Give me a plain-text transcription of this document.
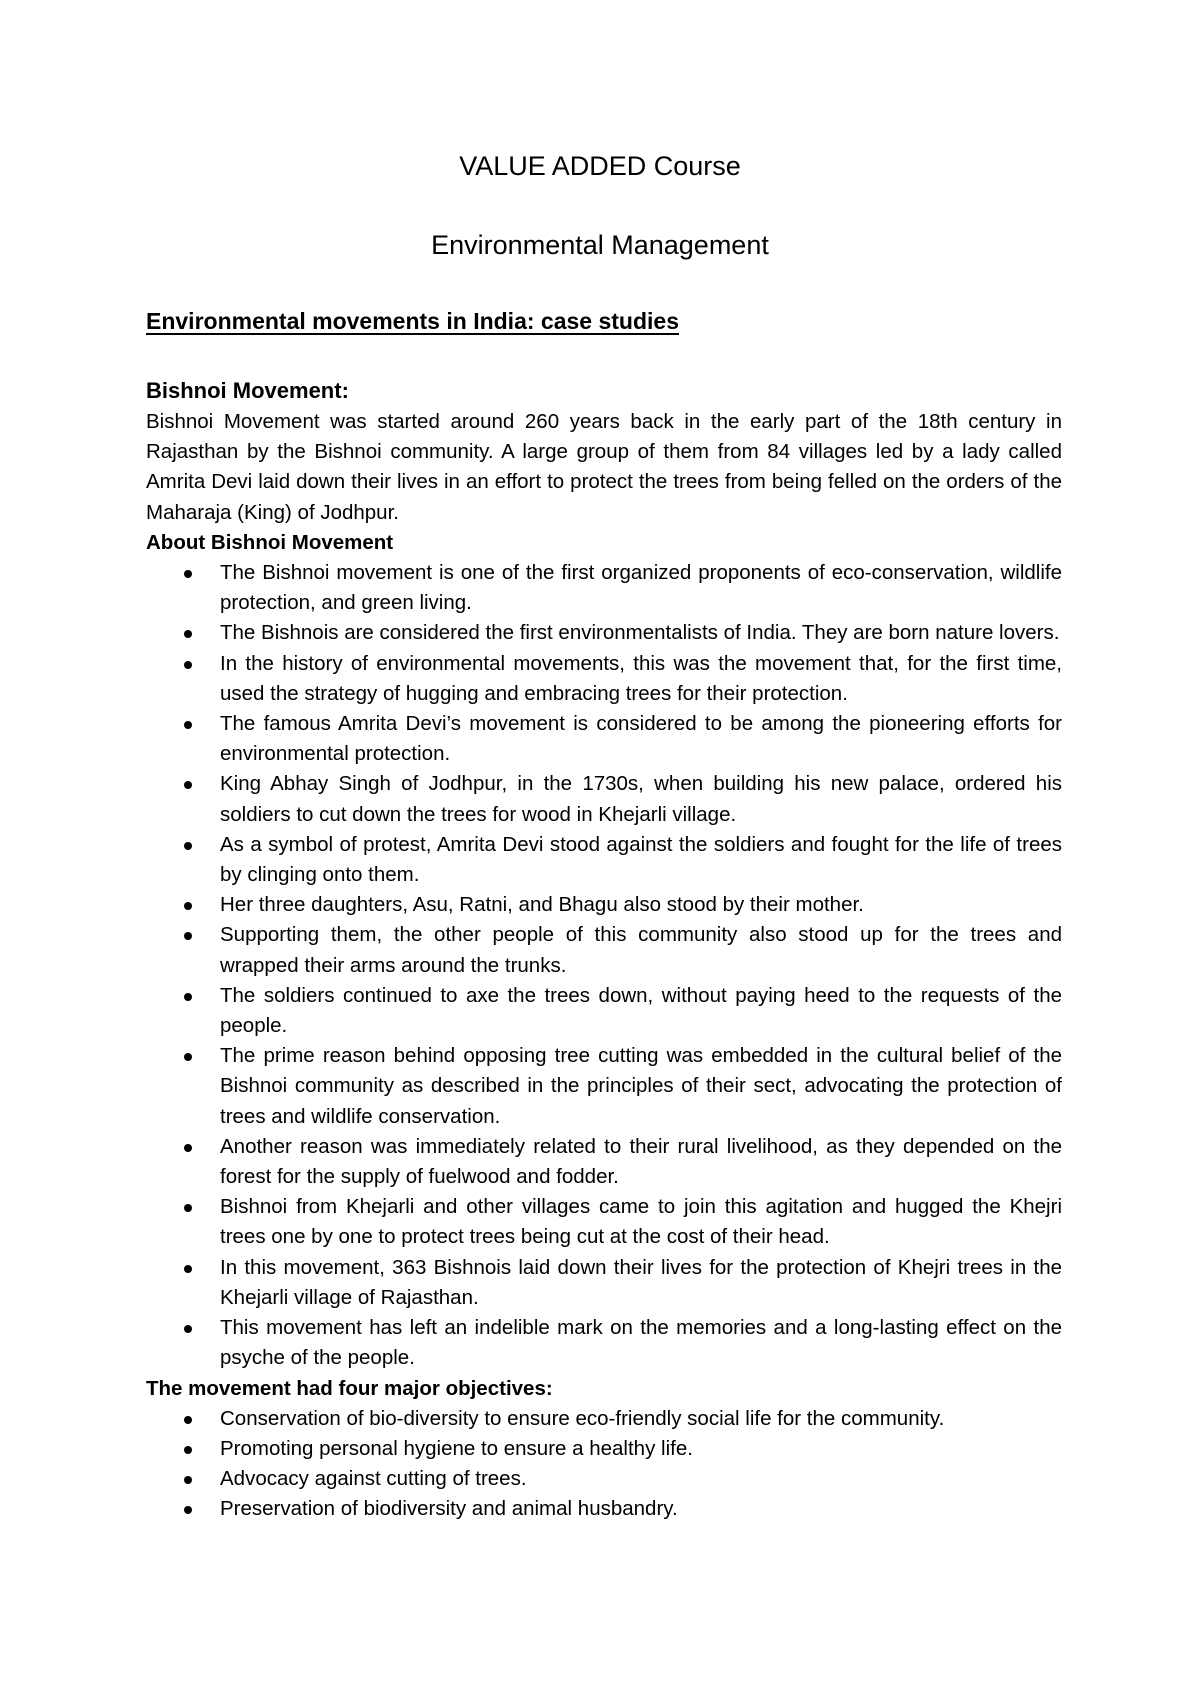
VALUE ADDED Course
Environmental Management
Environmental movements in India: case studies
Bishnoi Movement:

Bishnoi Movement was started around 260 years back in the early part of the 18th century in Rajasthan by the Bishnoi community. A large group of them from 84 villages led by a lady called Amrita Devi laid down their lives in an effort to protect the trees from being felled on the orders of the Maharaja (King) of Jodhpur.

About Bishnoi Movement

The Bishnoi movement is one of the first organized proponents of eco-conservation, wildlife protection, and green living.
The Bishnois are considered the first environmentalists of India. They are born nature lovers.
In the history of environmental movements, this was the movement that, for the first time, used the strategy of hugging and embracing trees for their protection.
The famous Amrita Devi’s movement is considered to be among the pioneering efforts for environmental protection.
King Abhay Singh of Jodhpur, in the 1730s, when building his new palace, ordered his soldiers to cut down the trees for wood in Khejarli village.
As a symbol of protest, Amrita Devi stood against the soldiers and fought for the life of trees by clinging onto them.
Her three daughters, Asu, Ratni, and Bhagu also stood by their mother.
Supporting them, the other people of this community also stood up for the trees and wrapped their arms around the trunks.
The soldiers continued to axe the trees down, without paying heed to the requests of the people.
The prime reason behind opposing tree cutting was embedded in the cultural belief of the Bishnoi community as described in the principles of their sect, advocating the protection of trees and wildlife conservation.
Another reason was immediately related to their rural livelihood, as they depended on the forest for the supply of fuelwood and fodder.
Bishnoi from Khejarli and other villages came to join this agitation and hugged the Khejri trees one by one to protect trees being cut at the cost of their head.
In this movement, 363 Bishnois laid down their lives for the protection of Khejri trees in the Khejarli village of Rajasthan.
This movement has left an indelible mark on the memories and a long-lasting effect on the psyche of the people.

The movement had four major objectives:

Conservation of bio-diversity to ensure eco-friendly social life for the community.
Promoting personal hygiene to ensure a healthy life.
Advocacy against cutting of trees.
Preservation of biodiversity and animal husbandry.
